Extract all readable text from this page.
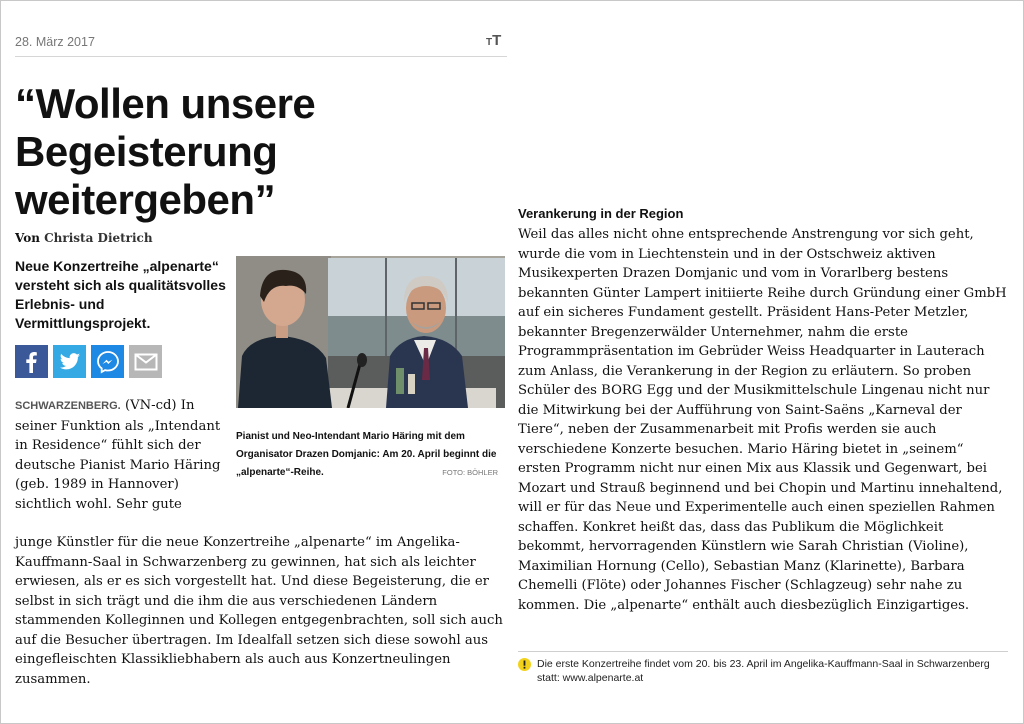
28. März 2017	TT
“Wollen unsere Begeisterung weitergeben”
Von Christa Dietrich

Neue Konzertreihe „alpenarte“ versteht sich als qualitätsvolles Erlebnis- und Vermittlungsprojekt.

Pianist und Neo-Intendant Mario Häring mit dem Organisator Drazen Domjanic: Am 20. April beginnt die „alpenarte“-Reihe.	FOTO: BÖHLER

SCHWARZENBERG. (VN-cd) In seiner Funktion als „Intendant in Residence“ fühlt sich der deutsche Pianist Mario Häring (geb. 1989 in Hannover) sichtlich wohl. Sehr gute

junge Künstler für die neue Konzertreihe „alpenarte“ im Angelika-Kauffmann-Saal in Schwarzenberg zu gewinnen, hat sich als leichter erwiesen, als er es sich vorgestellt hat. Und diese Begeisterung, die er selbst in sich trägt und die ihm die aus verschiedenen Ländern stammenden Kolleginnen und Kollegen entgegenbrachten, soll sich auch auf die Besucher übertragen. Im Idealfall setzen sich diese sowohl aus eingefleischten Klassikliebhabern als auch aus Konzertneulingen zusammen.

Verankerung in der Region

Weil das alles nicht ohne entsprechende Anstrengung vor sich geht, wurde die vom in Liechtenstein und in der Ostschweiz aktiven Musikexperten Drazen Domjanic und vom in Vorarlberg bestens bekannten Günter Lampert initiierte Reihe durch Gründung einer GmbH auf ein sicheres Fundament gestellt. Präsident Hans-Peter Metzler, bekannter Bregenzerwälder Unternehmer, nahm die erste Programmpräsentation im Gebrüder Weiss Headquarter in Lauterach zum Anlass, die Verankerung in der Region zu erläutern. So proben Schüler des BORG Egg und der Musikmittelschule Lingenau nicht nur die Mitwirkung bei der Aufführung von Saint-Saëns „Karneval der Tiere“, neben der Zusammenarbeit mit Profis werden sie auch verschiedene Konzerte besuchen. Mario Häring bietet in „seinem“ ersten Programm nicht nur einen Mix aus Klassik und Gegenwart, bei Mozart und Strauß beginnend und bei Chopin und Martinu innehaltend, will er für das Neue und Experimentelle auch einen speziellen Rahmen schaffen. Konkret heißt das, dass das Publikum die Möglichkeit bekommt, hervorragenden Künstlern wie Sarah Christian (Violine), Maximilian Hornung (Cello), Sebastian Manz (Klarinette), Barbara Chemelli (Flöte) oder Johannes Fischer (Schlagzeug) sehr nahe zu kommen. Die „alpenarte“ enthält auch diesbezüglich Einzigartiges.

Die erste Konzertreihe findet vom 20. bis 23. April im Angelika-Kauffmann-Saal in Schwarzenberg statt: www.alpenarte.at
